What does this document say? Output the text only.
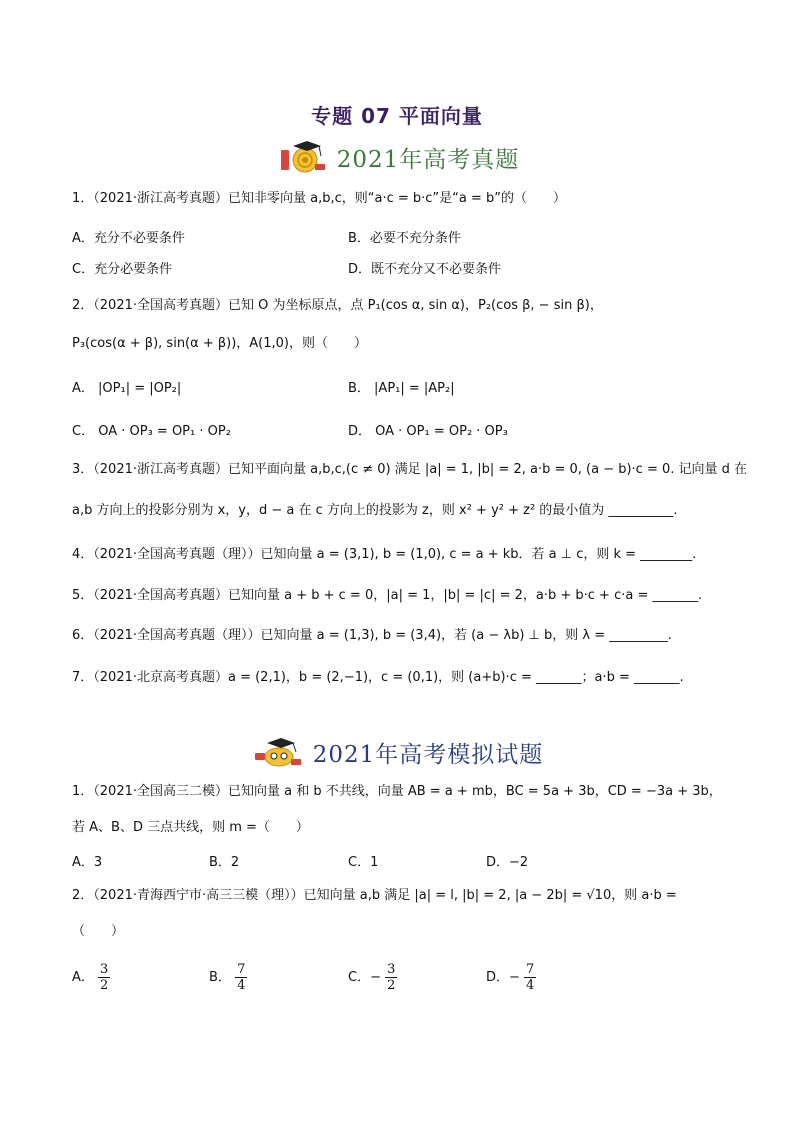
专题 07 平面向量
2021年高考真题
1．（2021·浙江高考真题）已知非零向量 a,b,c，则“a·c = b·c”是“a = b”的（　　）
A．充分不必要条件	B．必要不充分条件
C．充分必要条件	D．既不充分又不必要条件
2．（2021·全国高考真题）已知 O 为坐标原点，点 P₁(cos α, sin α)，P₂(cos β, − sin β)，
P₃(cos(α + β), sin(α + β))，A(1,0)，则（　　）
A． |OP₁| = |OP₂|	B． |AP₁| = |AP₂|
C． OA · OP₃ = OP₁ · OP₂	D． OA · OP₁ = OP₂ · OP₃
3．（2021·浙江高考真题）已知平面向量 a,b,c,(c ≠ 0) 满足 |a| = 1, |b| = 2, a·b = 0, (a − b)·c = 0. 记向量 d 在
a,b 方向上的投影分别为 x，y，d − a 在 c 方向上的投影为 z，则 x² + y² + z² 的最小值为 __________.
4．（2021·全国高考真题（理））已知向量 a = (3,1), b = (1,0), c = a + kb．若 a ⊥ c，则 k = ________.
5．（2021·全国高考真题）已知向量 a + b + c = 0，|a| = 1，|b| = |c| = 2，a·b + b·c + c·a = _______.
6．（2021·全国高考真题（理））已知向量 a = (1,3), b = (3,4)，若 (a − λb) ⊥ b，则 λ = _________.
7．（2021·北京高考真题）a = (2,1)，b = (2,−1)，c = (0,1)，则 (a+b)·c = _______；a·b = _______.
2021年高考模拟试题
1．（2021·全国高三二模）已知向量 a 和 b 不共线，向量 AB = a + mb，BC = 5a + 3b，CD = −3a + 3b，
若 A、B、D 三点共线，则 m =（　　）
A．3	B．2	C．1	D．−2
2．（2021·青海西宁市·高三三模（理））已知向量 a,b 满足 |a| = l, |b| = 2, |a − 2b| = √10，则 a·b =
（　　）
A． $\frac{3}{2}$	B． $\frac{7}{4}$	C．− $\frac{3}{2}$	D．− $\frac{7}{4}$
